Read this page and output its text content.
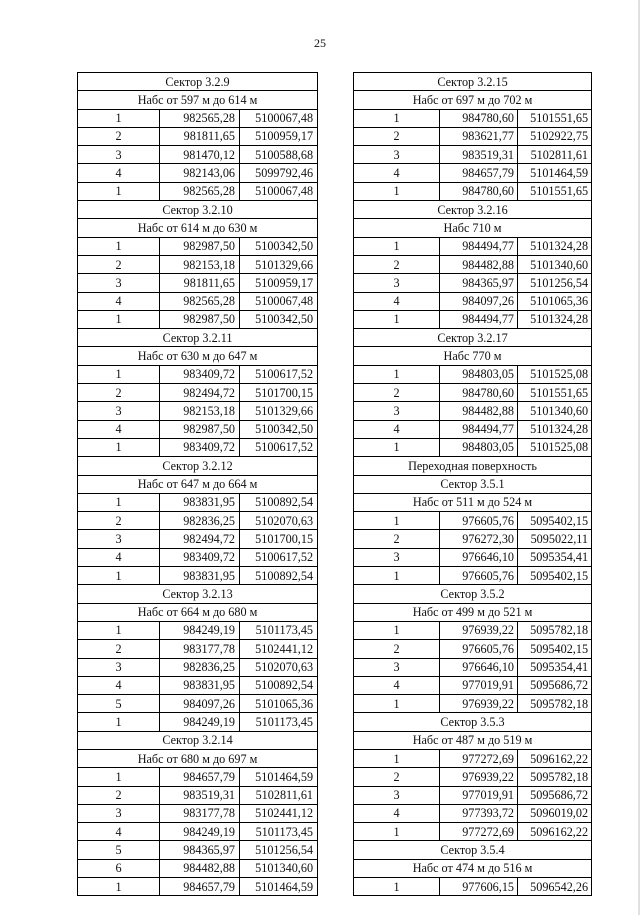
25
Сектор 3.2.9		
Набс от 597 м до 614 м		
1	982565,28	5100067,48
2	981811,65	5100959,17
3	981470,12	5100588,68
4	982143,06	5099792,46
1	982565,28	5100067,48
Сектор 3.2.10		
Набс от 614 м до 630 м		
1	982987,50	5100342,50
2	982153,18	5101329,66
3	981811,65	5100959,17
4	982565,28	5100067,48
1	982987,50	5100342,50
Сектор 3.2.11		
Набс от 630 м до 647 м		
1	983409,72	5100617,52
2	982494,72	5101700,15
3	982153,18	5101329,66
4	982987,50	5100342,50
1	983409,72	5100617,52
Сектор 3.2.12		
Набс от 647 м до 664 м		
1	983831,95	5100892,54
2	982836,25	5102070,63
3	982494,72	5101700,15
4	983409,72	5100617,52
1	983831,95	5100892,54
Сектор 3.2.13		
Набс от 664 м до 680 м		
1	984249,19	5101173,45
2	983177,78	5102441,12
3	982836,25	5102070,63
4	983831,95	5100892,54
5	984097,26	5101065,36
1	984249,19	5101173,45
Сектор 3.2.14		
Набс от 680 м до 697 м		
1	984657,79	5101464,59
2	983519,31	5102811,61
3	983177,78	5102441,12
4	984249,19	5101173,45
5	984365,97	5101256,54
6	984482,88	5101340,60
1	984657,79	5101464,59
Сектор 3.2.15		
Набс от 697 м до 702 м		
1	984780,60	5101551,65
2	983621,77	5102922,75
3	983519,31	5102811,61
4	984657,79	5101464,59
1	984780,60	5101551,65
Сектор 3.2.16		
Набс 710 м		
1	984494,77	5101324,28
2	984482,88	5101340,60
3	984365,97	5101256,54
4	984097,26	5101065,36
1	984494,77	5101324,28
Сектор 3.2.17		
Набс 770 м		
1	984803,05	5101525,08
2	984780,60	5101551,65
3	984482,88	5101340,60
4	984494,77	5101324,28
1	984803,05	5101525,08
Переходная поверхность		
Сектор 3.5.1		
Набс от 511 м до 524 м		
1	976605,76	5095402,15
2	976272,30	5095022,11
3	976646,10	5095354,41
1	976605,76	5095402,15
Сектор 3.5.2		
Набс от 499 м до 521 м		
1	976939,22	5095782,18
2	976605,76	5095402,15
3	976646,10	5095354,41
4	977019,91	5095686,72
1	976939,22	5095782,18
Сектор 3.5.3		
Набс от 487 м до 519 м		
1	977272,69	5096162,22
2	976939,22	5095782,18
3	977019,91	5095686,72
4	977393,72	5096019,02
1	977272,69	5096162,22
Сектор 3.5.4		
Набс от 474 м до 516 м		
1	977606,15	5096542,26
